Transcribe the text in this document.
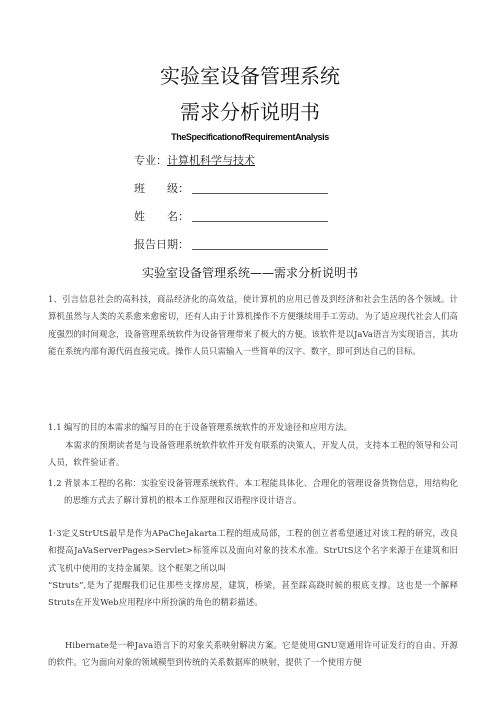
实验室设备管理系统
需求分析说明书
TheSpecificationofRequirementAnalysis
专业：计算机科学与技术
班　　级：
姓　　名：
报告日期：
实验室设备管理系统——需求分析说明书

1、引言信息社会的高科技，商品经济化的高效益，使计算机的应用已普及到经济和社会生活的各个领域。计算机虽然与人类的关系愈来愈密切，还有人由于计算机操作不方便继续用手工劳动。为了适应现代社会人们高度强烈的时间观念，设备管理系统软件为设备管理带来了极大的方便。该软件是以JaVa语言为实现语言，其功能在系统内部有源代码直接完成。操作人员只需输入一些简单的汉字、数字，即可到达自己的目标。

1.1 编写的目的本需求的编写目的在于设备管理系统软件的开发途径和应用方法。

本需求的预期读者是与设备管理系统软件软件开发有联系的决策人，开发人员，支持本工程的领导和公司人员，软件验证者。

1.2 背景本工程的名称：实验室设备管理系统软件。本工程能具体化、合理化的管理设备货物信息，用结构化的思维方式去了解计算机的根本工作原理和汉语程序设计语言。

1·3定义StrUtS最早是作为APaCheJakarta工程的组成局部，工程的创立者希望通过对该工程的研究，改良和提高JaVaServerPages>Servlet>标签库以及面向对象的技术水准。StrUtS这个名字来源于在建筑和旧式飞机中使用的支持金属架。这个框架之所以叫

“Struts”,是为了提醒我们记住那些支撑房屋，建筑，桥梁，甚至踩高跷时候的根底支撑。这也是一个解释Struts在开发Web应用程序中所扮演的角色的精彩描述。

Hibernate是一种Java语言下的对象关系映射解决方案。它是使用GNU宽通用许可证发行的自由、开源的软件。它为面向对象的领域模型到传统的关系数据库的映射，提供了一个使用方便
